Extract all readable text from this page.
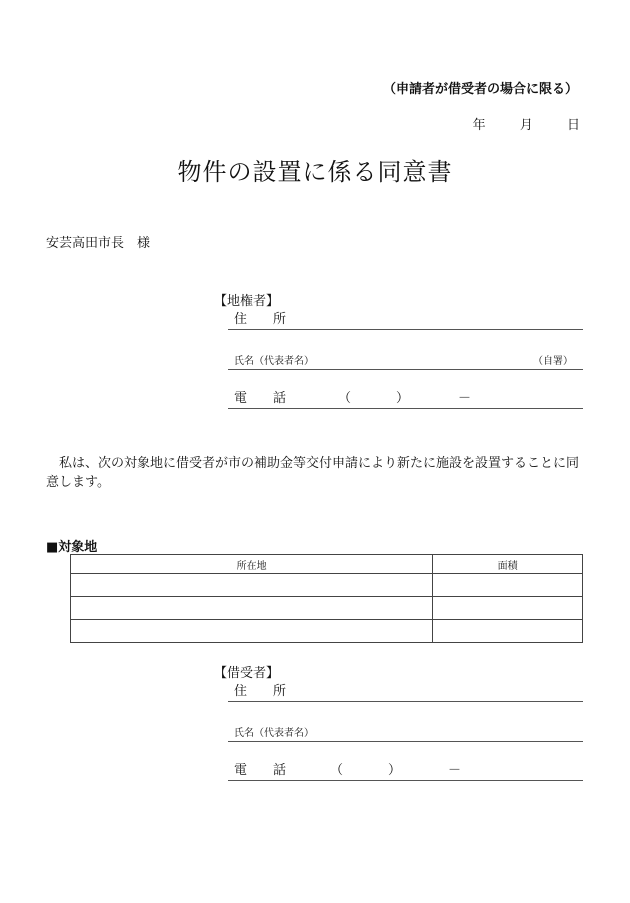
（申請者が借受者の場合に限る）
年	月	日
物件の設置に係る同意書
安芸高田市長　様
【地権者】
住　　所
氏名（代表者名）	（自署）
電　　話	（	）	－
私は、次の対象地に借受者が市の補助金等交付申請により新たに施設を設置することに同意します。
■対象地
所在地	面積

【借受者】
住　　所
氏名（代表者名）
電　　話	（	）	－
